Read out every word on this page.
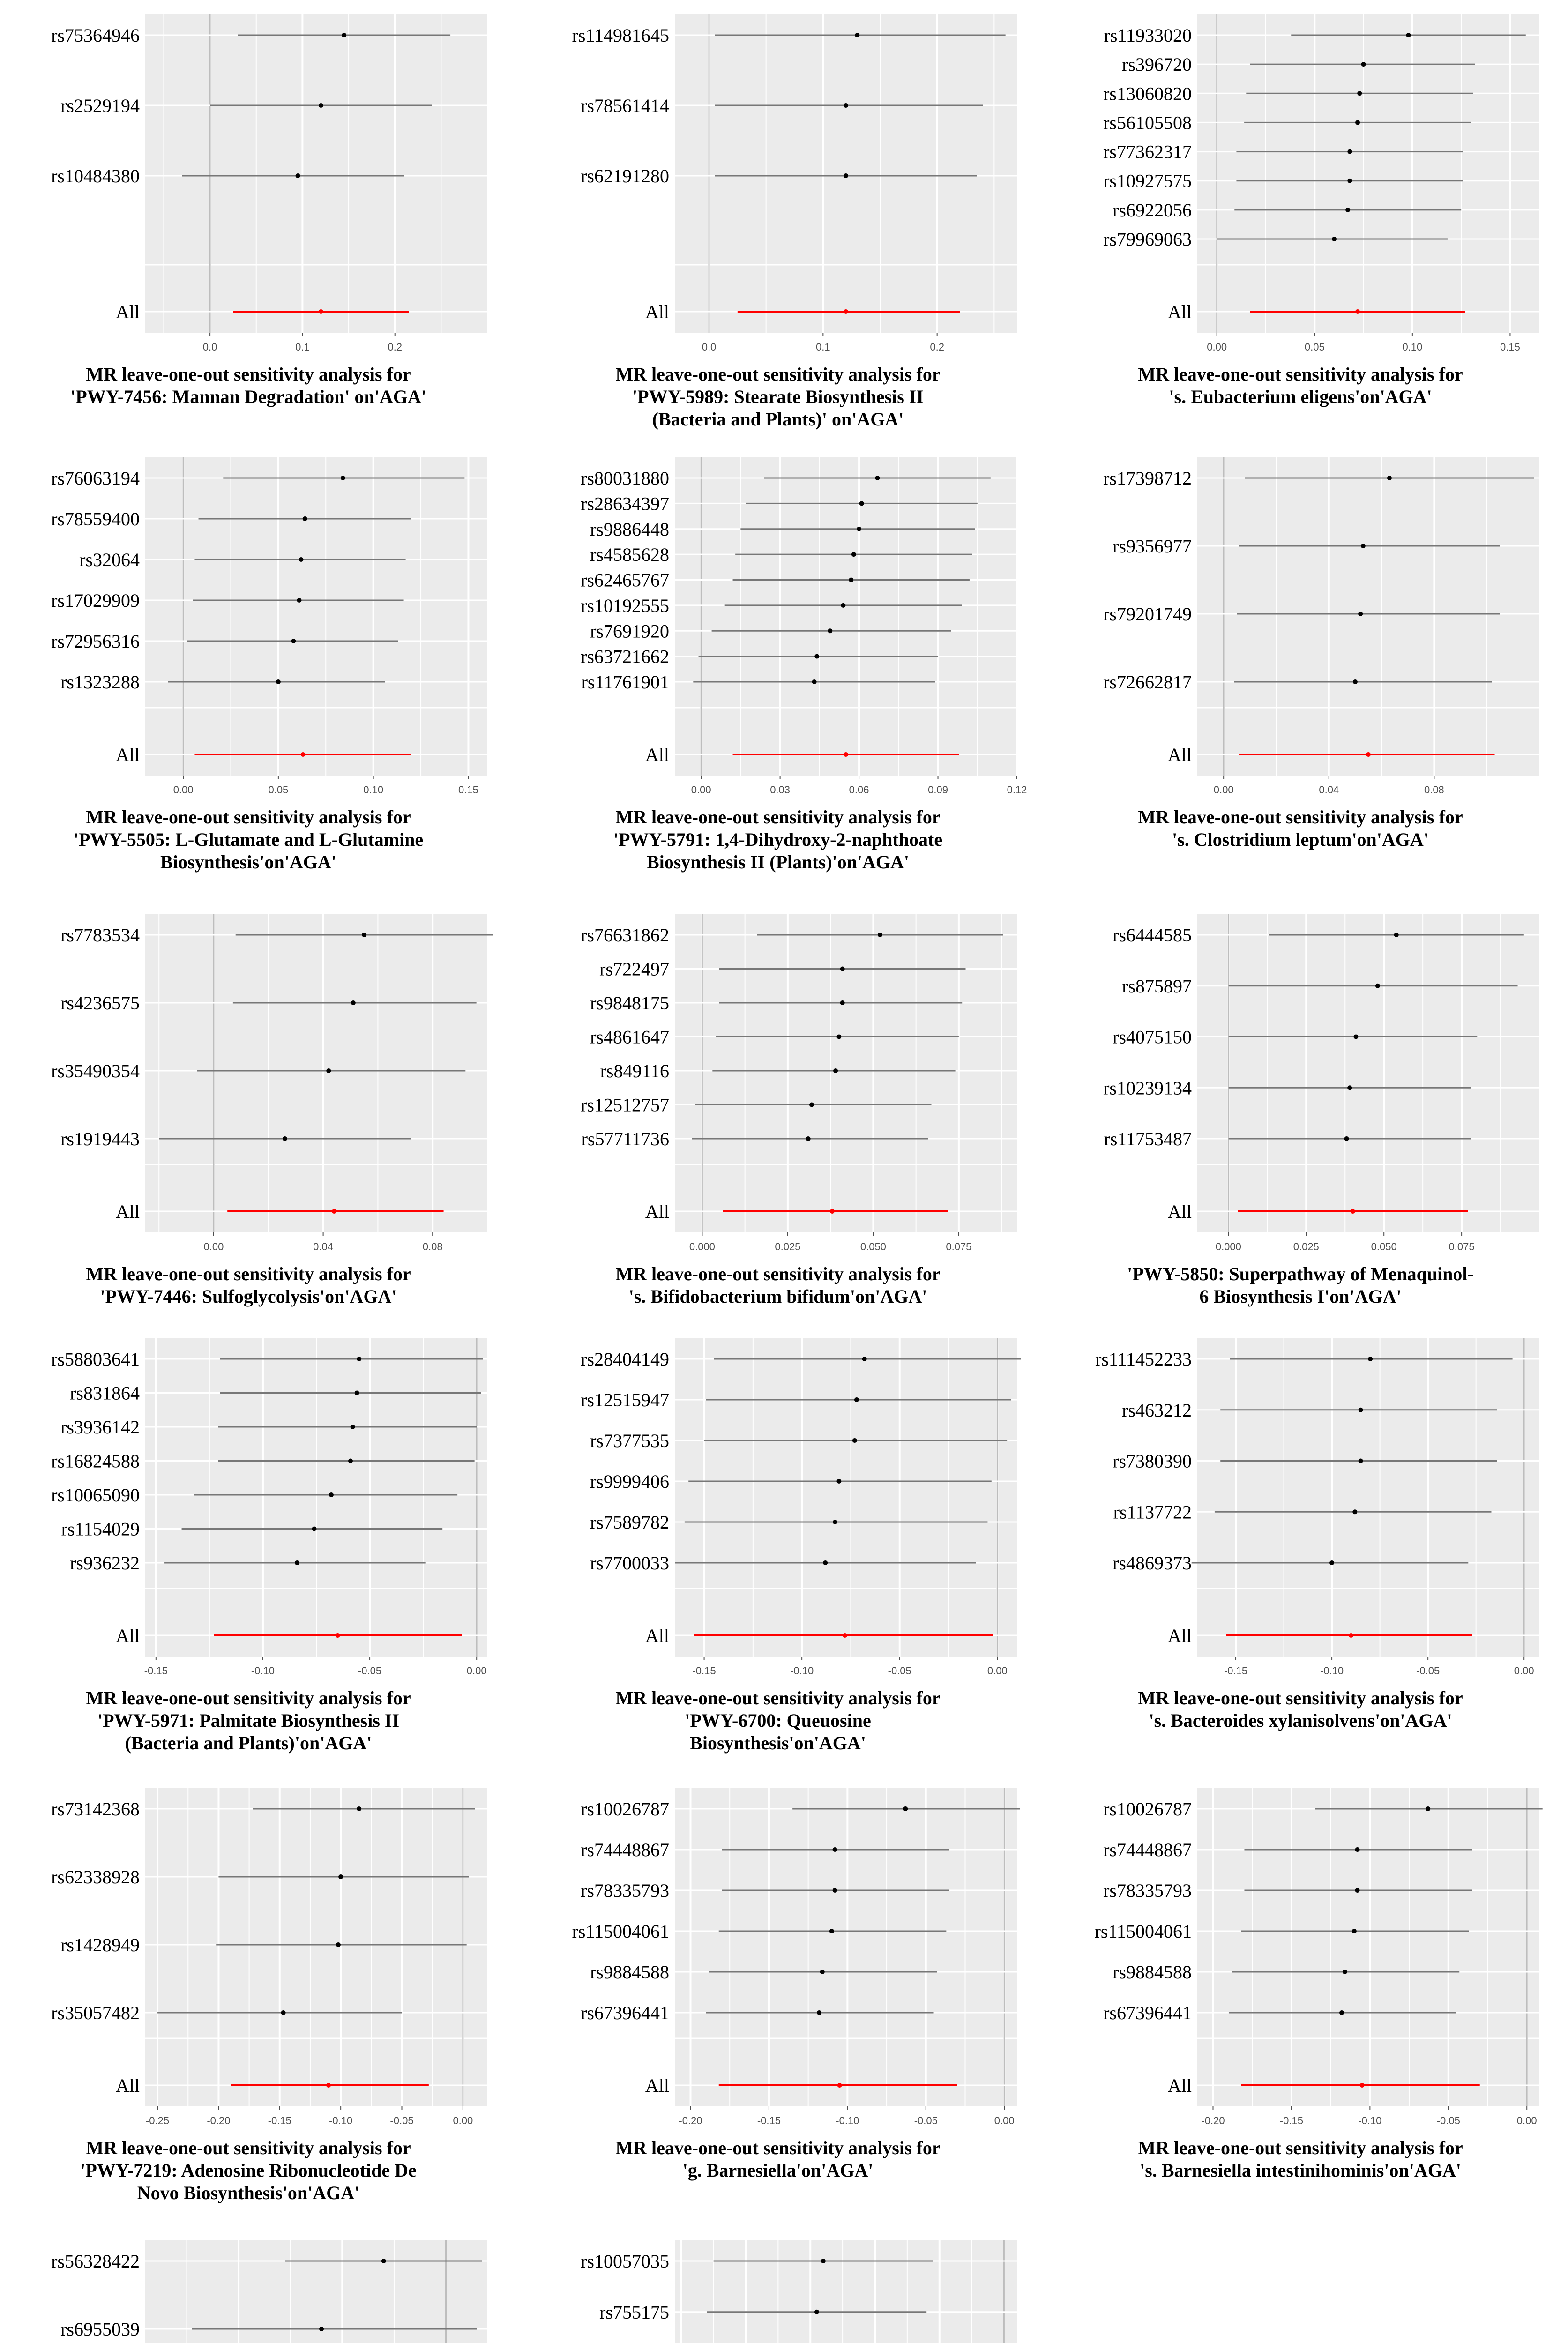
rs75364946
rs2529194
rs10484380
All
0.0	0.1	0.2
MR leave-one-out sensitivity analysis for
'PWY-7456: Mannan Degradation' on'AGA'
rs114981645
rs78561414
rs62191280
All
0.0	0.1	0.2
MR leave-one-out sensitivity analysis for
'PWY-5989: Stearate Biosynthesis II
(Bacteria and Plants)' on'AGA'
rs11933020
rs396720
rs13060820
rs56105508
rs77362317
rs10927575
rs6922056
rs79969063
All
0.00	0.05	0.10	0.15
MR leave-one-out sensitivity analysis for
's. Eubacterium eligens'on'AGA'
rs76063194
rs78559400
rs32064
rs17029909
rs72956316
rs1323288
All
0.00	0.05	0.10	0.15
MR leave-one-out sensitivity analysis for
'PWY-5505: L-Glutamate and L-Glutamine
Biosynthesis'on'AGA'
rs80031880
rs28634397
rs9886448
rs4585628
rs62465767
rs10192555
rs7691920
rs63721662
rs11761901
All
0.00	0.03	0.06	0.09	0.12
MR leave-one-out sensitivity analysis for
'PWY-5791: 1,4-Dihydroxy-2-naphthoate
Biosynthesis II (Plants)'on'AGA'
rs17398712
rs9356977
rs79201749
rs72662817
All
0.00	0.04	0.08
MR leave-one-out sensitivity analysis for
's. Clostridium leptum'on'AGA'
rs7783534
rs4236575
rs35490354
rs1919443
All
0.00	0.04	0.08
MR leave-one-out sensitivity analysis for
'PWY-7446: Sulfoglycolysis'on'AGA'
rs76631862
rs722497
rs9848175
rs4861647
rs849116
rs12512757
rs57711736
All
0.000	0.025	0.050	0.075
MR leave-one-out sensitivity analysis for
's. Bifidobacterium bifidum'on'AGA'
rs6444585
rs875897
rs4075150
rs10239134
rs11753487
All
0.000	0.025	0.050	0.075
'PWY-5850: Superpathway of Menaquinol-
6 Biosynthesis I'on'AGA'
rs58803641
rs831864
rs3936142
rs16824588
rs10065090
rs1154029
rs936232
All
-0.15	-0.10	-0.05	0.00
MR leave-one-out sensitivity analysis for
'PWY-5971: Palmitate Biosynthesis II
(Bacteria and Plants)'on'AGA'
rs28404149
rs12515947
rs7377535
rs9999406
rs7589782
rs7700033
All
-0.15	-0.10	-0.05	0.00
MR leave-one-out sensitivity analysis for
'PWY-6700: Queuosine
Biosynthesis'on'AGA'
rs111452233
rs463212
rs7380390
rs1137722
rs4869373
All
-0.15	-0.10	-0.05	0.00
MR leave-one-out sensitivity analysis for
's. Bacteroides xylanisolvens'on'AGA'
rs73142368
rs62338928
rs1428949
rs35057482
All
-0.25	-0.20	-0.15	-0.10	-0.05	0.00
MR leave-one-out sensitivity analysis for
'PWY-7219: Adenosine Ribonucleotide De
Novo Biosynthesis'on'AGA'
rs10026787
rs74448867
rs78335793
rs115004061
rs9884588
rs67396441
All
-0.20	-0.15	-0.10	-0.05	0.00
MR leave-one-out sensitivity analysis for
'g. Barnesiella'on'AGA'
rs10026787
rs74448867
rs78335793
rs115004061
rs9884588
rs67396441
All
-0.20	-0.15	-0.10	-0.05	0.00
MR leave-one-out sensitivity analysis for
's. Barnesiella intestinihominis'on'AGA'
rs56328422
rs6955039
rs10057035
rs755175
